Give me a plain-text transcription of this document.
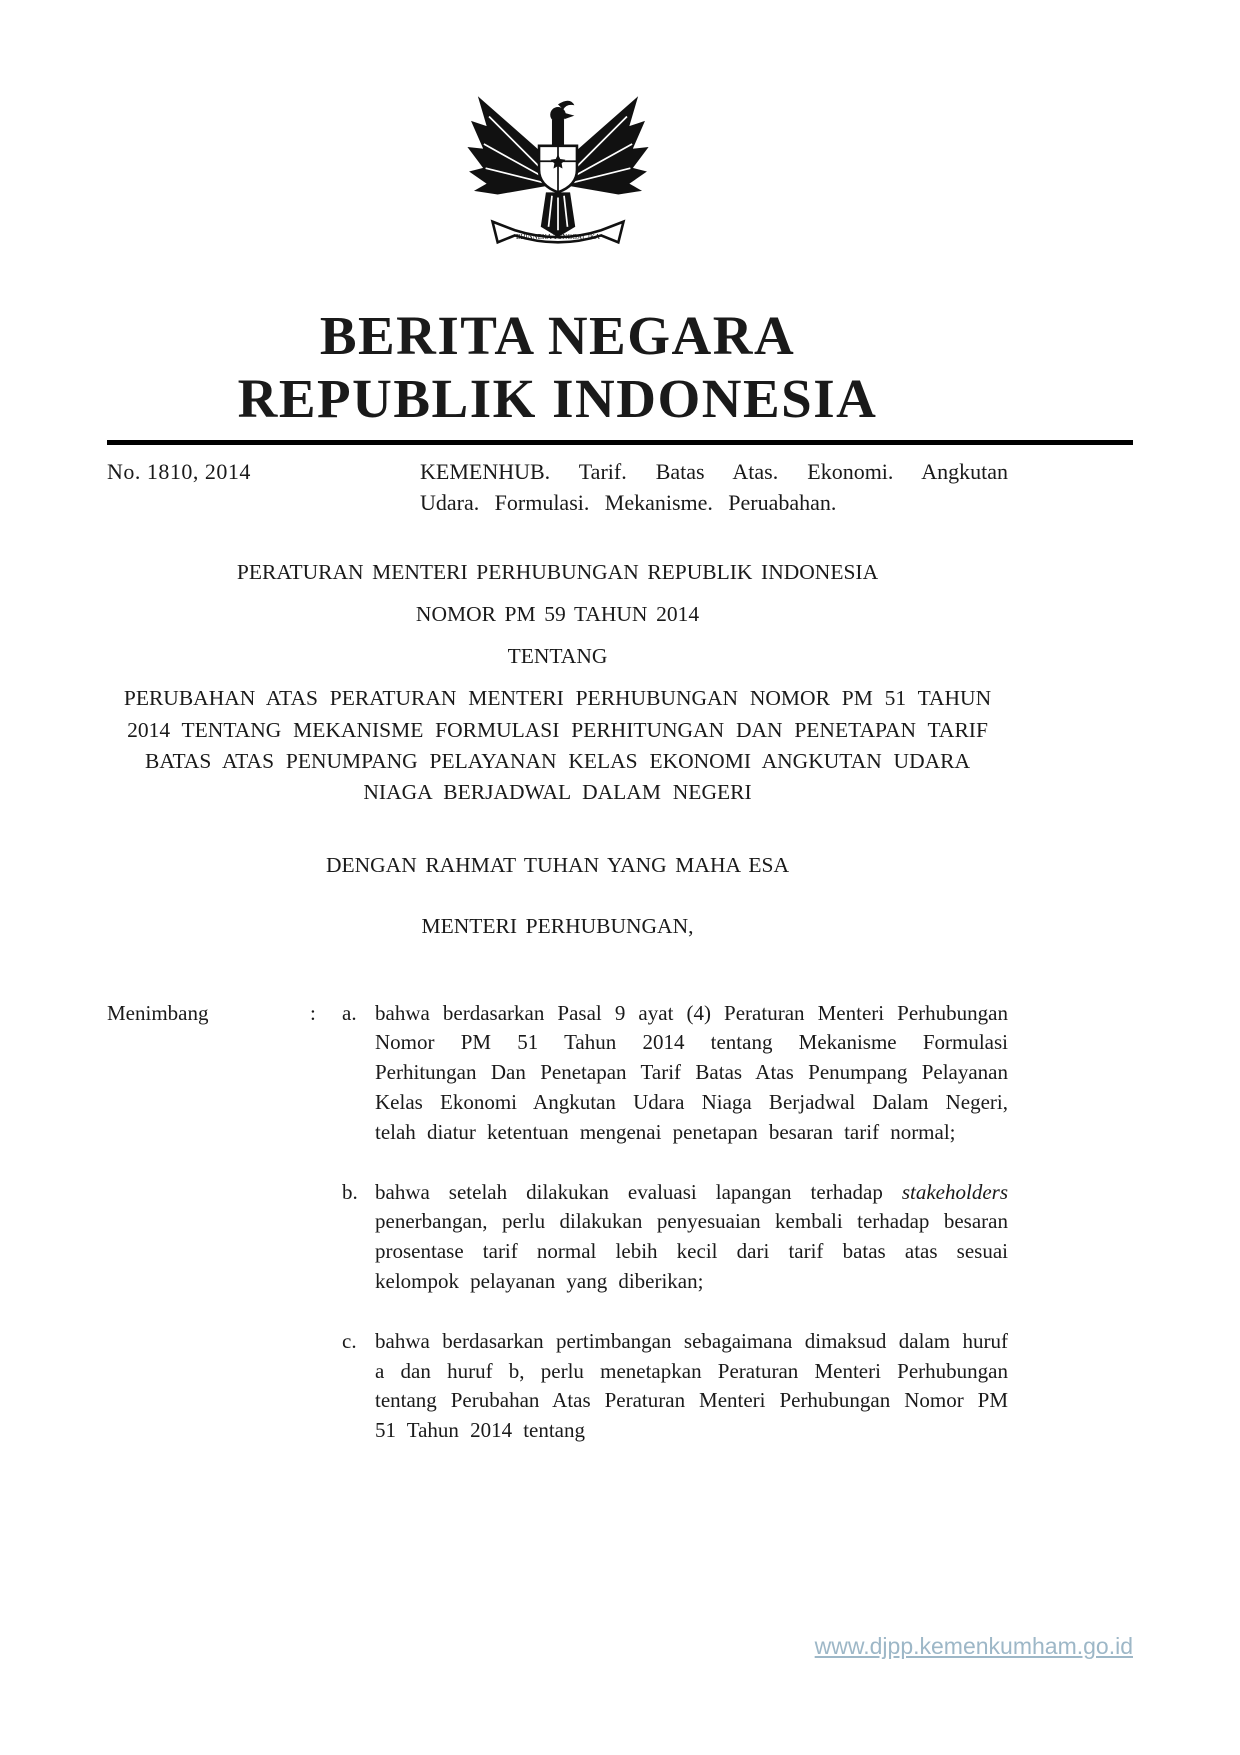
BHINNEKA TUNGGAL IKA
BERITA NEGARA
REPUBLIK INDONESIA
No. 1810, 2014	KEMENHUB. Tarif. Batas Atas. Ekonomi. Angkutan Udara. Formulasi. Mekanisme. Peruabahan.

PERATURAN MENTERI PERHUBUNGAN REPUBLIK INDONESIA

NOMOR PM 59 TAHUN 2014

TENTANG

PERUBAHAN ATAS PERATURAN MENTERI PERHUBUNGAN NOMOR PM 51 TAHUN 2014 TENTANG MEKANISME FORMULASI PERHITUNGAN DAN PENETAPAN TARIF BATAS ATAS PENUMPANG PELAYANAN KELAS EKONOMI ANGKUTAN UDARA NIAGA BERJADWAL DALAM NEGERI

DENGAN RAHMAT TUHAN YANG MAHA ESA

MENTERI PERHUBUNGAN,

Menimbang	:	a. bahwa berdasarkan Pasal 9 ayat (4) Peraturan Menteri Perhubungan Nomor PM 51 Tahun 2014 tentang Mekanisme Formulasi Perhitungan Dan Penetapan Tarif Batas Atas Penumpang Pelayanan Kelas Ekonomi Angkutan Udara Niaga Berjadwal Dalam Negeri, telah diatur ketentuan mengenai penetapan besaran tarif normal;

b. bahwa setelah dilakukan evaluasi lapangan terhadap stakeholders penerbangan, perlu dilakukan penyesuaian kembali terhadap besaran prosentase tarif normal lebih kecil dari tarif batas atas sesuai kelompok pelayanan yang diberikan;

c. bahwa berdasarkan pertimbangan sebagaimana dimaksud dalam huruf a dan huruf b, perlu menetapkan Peraturan Menteri Perhubungan tentang Perubahan Atas Peraturan Menteri Perhubungan Nomor PM 51 Tahun 2014 tentang

www.djpp.kemenkumham.go.id
